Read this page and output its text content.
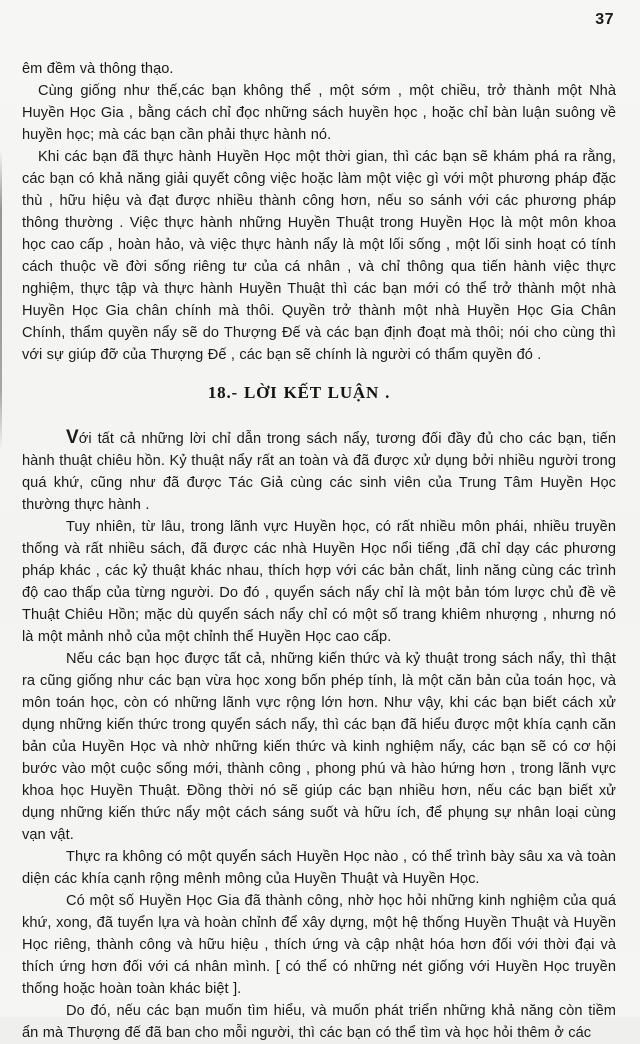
37

êm đềm và thông thạo.

Cùng giống như thế,các bạn không thể , một sớm , một chiều, trở thành một Nhà Huyền Học Gia , bằng cách chỉ đọc những sách huyền học , hoặc chỉ bàn luận suông về huyền học; mà các bạn cần phải thực hành nó.

Khi các bạn đã thực hành Huyền Học một thời gian, thì các bạn sẽ khám phá ra rằng, các bạn có khả năng giải quyết công việc hoặc làm một việc gì với một phương pháp đặc thù , hữu hiệu và đạt được nhiều thành công hơn, nếu so sánh với các phương pháp thông thường . Việc thực hành những Huyền Thuật trong Huyền Học là một môn khoa học cao cấp , hoàn hảo, và việc thực hành nẩy là một lối sống , một lối sinh hoạt có tính cách thuộc về đời sống riêng tư của cá nhân , và chỉ thông qua tiến hành việc thực nghiệm, thực tập và thực hành Huyền Thuật thì các bạn mới có thể trở thành một nhà Huyền Học Gia chân chính mà thôi. Quyền trở thành một nhà Huyền Học Gia Chân Chính, thẩm quyền nẩy sẽ do Thượng Đế và các bạn định đoạt mà thôi; nói cho cùng thì với sự giúp đỡ của Thượng Đế , các bạn sẽ chính là người có thẩm quyền đó .

18.- LỜI KẾT LUẬN .

Với tất cả những lời chỉ dẫn trong sách nẩy, tương đối đầy đủ cho các bạn, tiến hành thuật chiêu hồn. Kỷ thuật nẩy rất an toàn và đã được xử dụng bởi nhiều người trong quá khứ, cũng như đã được Tác Giả cùng các sinh viên của Trung Tâm Huyền Học thường thực hành .

Tuy nhiên, từ lâu, trong lãnh vực Huyền học, có rất nhiều môn phái, nhiều truyền thống và rất nhiều sách, đã được các nhà Huyền Học nổi tiếng ,đã chỉ dạy các phương pháp khác , các kỷ thuật khác nhau, thích hợp với các bản chất, linh năng cùng các trình độ cao thấp của từng người. Do đó , quyển sách nẩy chỉ là một bản tóm lược chủ đề về Thuật Chiêu Hồn; mặc dù quyển sách nẩy chỉ có một số trang khiêm nhượng , nhưng nó là một mảnh nhỏ của một chỉnh thể Huyền Học cao cấp.

Nếu các bạn học được tất cả, những kiến thức và kỷ thuật trong sách nẩy, thì thật ra cũng giống như các bạn vừa học xong bốn phép tính, là một căn bản của toán học, và môn toán học, còn có những lãnh vực rộng lớn hơn. Như vậy, khi các bạn biết cách xử dụng những kiến thức trong quyển sách nẩy, thì các bạn đã hiểu được một khía cạnh căn bản của Huyền Học và nhờ những kiến thức và kinh nghiệm nẩy, các bạn sẽ có cơ hội bước vào một cuộc sống mới, thành công , phong phú và hào hứng hơn , trong lãnh vực khoa học Huyền Thuật. Đồng thời nó sẽ giúp các bạn nhiều hơn, nếu các bạn biết xử dụng những kiến thức nẩy một cách sáng suốt và hữu ích, để phụng sự nhân loại cùng vạn vật.

Thực ra không có một quyển sách Huyền Học nào , có thể trình bày sâu xa và toàn diện các khía cạnh rộng mênh mông của Huyền Thuật và Huyền Học.

Có một số Huyền Học Gia đã thành công, nhờ học hỏi những kinh nghiệm của quá khứ, xong, đã tuyển lựa và hoàn chỉnh để xây dựng, một hệ thống Huyền Thuật và Huyền Học riêng, thành công và hữu hiệu , thích ứng và cập nhật hóa hơn đối với thời đại và thích ứng hơn đối với cá nhân mình. [ có thể có những nét giống với Huyền Học truyền thống hoặc hoàn toàn khác biệt ].

Do đó, nếu các bạn muốn tìm hiểu, và muốn phát triển những khả năng còn tiềm ẩn mà Thượng đế đã ban cho mỗi người, thì các bạn có thể tìm và học hỏi thêm ở các
